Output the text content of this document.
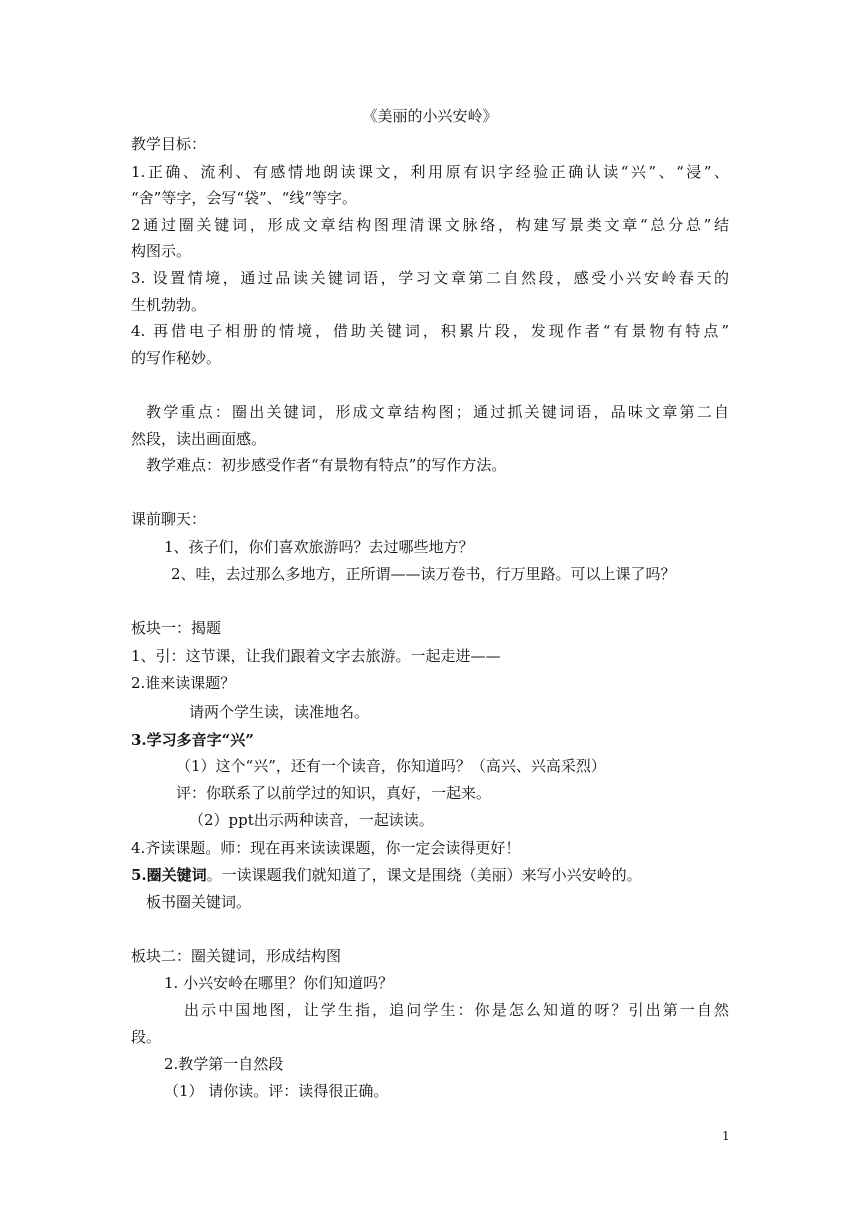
《美丽的小兴安岭》
教学目标：
1.正确、流利、有感情地朗读课文，利用原有识字经验正确认读“兴”、“浸”、
“舍”等字，会写“袋”、“线”等字。
2通过圈关键词，形成文章结构图理清课文脉络，构建写景类文章“总分总”结
构图示。
3. 设置情境，通过品读关键词语，学习文章第二自然段，感受小兴安岭春天的
生机勃勃。
4. 再借电子相册的情境，借助关键词，积累片段，发现作者“有景物有特点”
的写作秘妙。
教学重点：圈出关键词，形成文章结构图；通过抓关键词语，品味文章第二自
然段，读出画面感。
教学难点：初步感受作者“有景物有特点”的写作方法。
课前聊天：
1、孩子们，你们喜欢旅游吗？去过哪些地方？
2、哇，去过那么多地方，正所谓——读万卷书，行万里路。可以上课了吗？
板块一：揭题
1、引：这节课，让我们跟着文字去旅游。一起走进——
2.谁来读课题？
请两个学生读，读准地名。
3.学习多音字“兴”
（1）这个“兴”，还有一个读音，你知道吗？（高兴、兴高采烈）
评：你联系了以前学过的知识，真好，一起来。
（2）ppt出示两种读音，一起读读。
4.齐读课题。师：现在再来读读课题，你一定会读得更好！
5.圈关键词。一读课题我们就知道了，课文是围绕（美丽）来写小兴安岭的。
板书圈关键词。
板块二：圈关键词，形成结构图
1. 小兴安岭在哪里？你们知道吗？
出示中国地图，让学生指，追问学生：你是怎么知道的呀？引出第一自然
段。
2.教学第一自然段
（1） 请你读。评：读得很正确。
1
